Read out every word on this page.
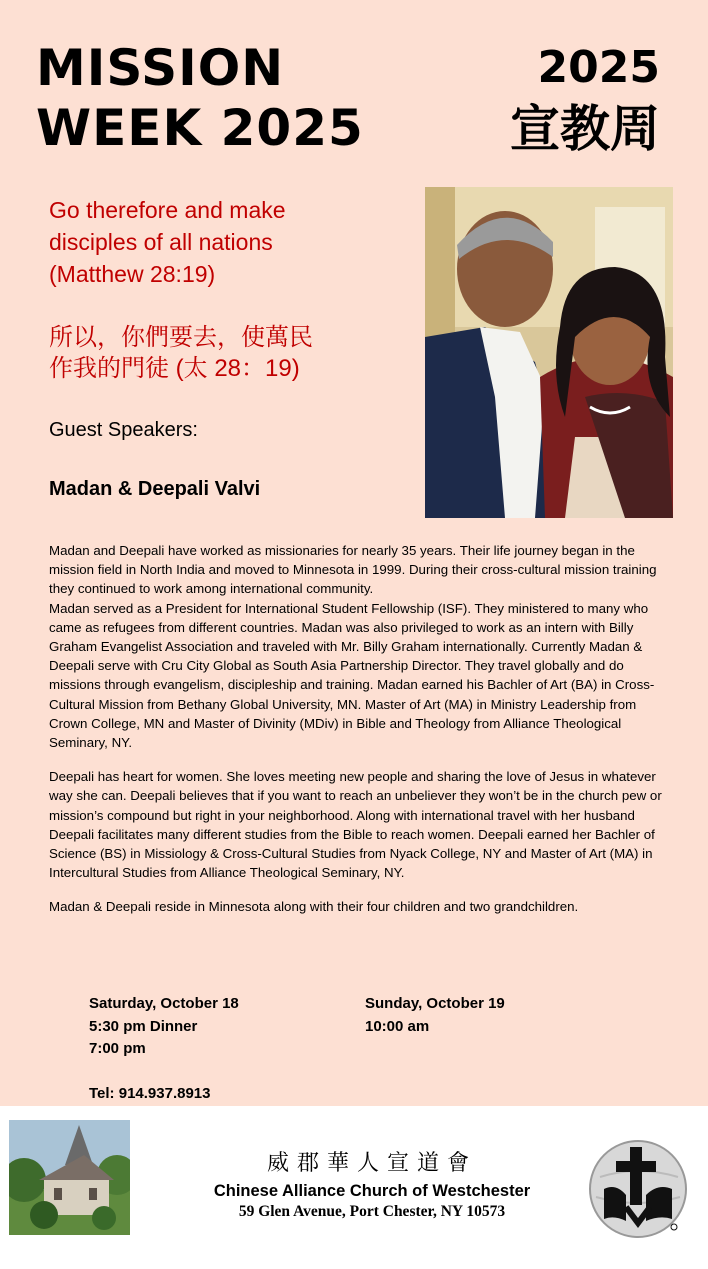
MISSION
WEEK 2025
2025
宣教周
Go therefore and make
disciples of all nations
(Matthew 28:19)
所以，你們要去，使萬民
作我的門徒 (太 28：19)
Guest Speakers:
Madan & Deepali Valvi

Madan and Deepali have worked as missionaries for nearly 35 years. Their life journey began in the mission field in North India and moved to Minnesota in 1999. During their cross-cultural mission training they continued to work among international community.
Madan served as a President for International Student Fellowship (ISF). They ministered to many who came as refugees from different countries. Madan was also privileged to work as an intern with Billy Graham Evangelist Association and traveled with Mr. Billy Graham internationally. Currently Madan & Deepali serve with Cru City Global as South Asia Partnership Director. They travel globally and do missions through evangelism, discipleship and training. Madan earned his Bachler of Art (BA) in Cross-Cultural Mission from Bethany Global University, MN. Master of Art (MA) in Ministry Leadership from Crown College, MN and Master of Divinity (MDiv) in Bible and Theology from Alliance Theological Seminary, NY.

Deepali has heart for women. She loves meeting new people and sharing the love of Jesus in whatever way she can. Deepali believes that if you want to reach an unbeliever they won’t be in the church pew or mission’s compound but right in your neighborhood. Along with international travel with her husband Deepali facilitates many different studies from the Bible to reach women. Deepali earned her Bachler of Science (BS) in Missiology & Cross-Cultural Studies from Nyack College, NY and Master of Art (MA) in Intercultural Studies from Alliance Theological Seminary, NY.

Madan & Deepali reside in Minnesota along with their four children and two grandchildren.

Saturday, October 18
5:30 pm Dinner
7:00 pm
Sunday, October 19
10:00 am
Tel: 914.937.8913
威郡華人宣道會
Chinese Alliance Church of Westchester
59 Glen Avenue, Port Chester, NY 10573
